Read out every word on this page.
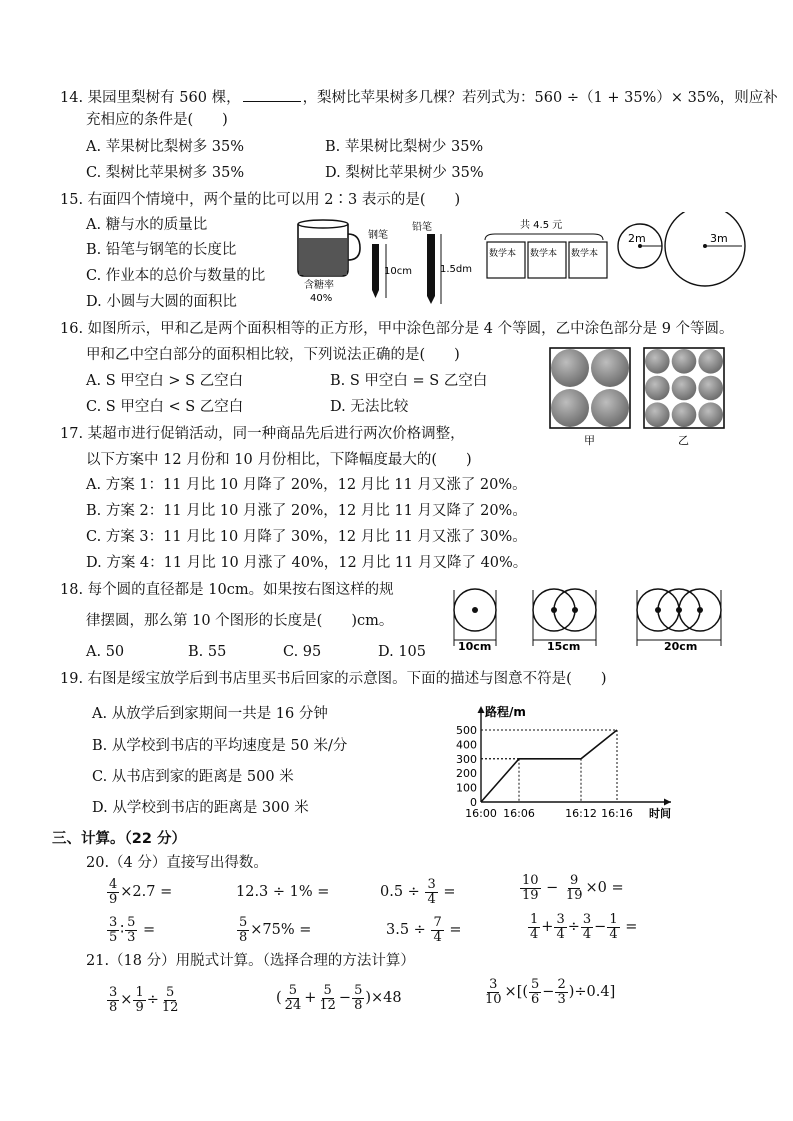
14. 果园里梨树有 560 棵，	，梨树比苹果树多几棵？若列式为：560 ÷（1 + 35%）× 35%，则应补
充相应的条件是(　　)
A. 苹果树比梨树多 35%	B. 苹果树比梨树少 35%
C. 梨树比苹果树多 35%	D. 梨树比苹果树少 35%
15. 右面四个情境中，两个量的比可以用 2∶3 表示的是(　　)
A. 糖与水的质量比
B. 铅笔与钢笔的长度比
C. 作业本的总价与数量的比
D. 小圆与大圆的面积比
含糖率
40%
钢笔
10cm
铅笔
1.5dm
共 4.5 元
数学本 数学本 数学本
2m	3m
16. 如图所示，甲和乙是两个面积相等的正方形，甲中涂色部分是 4 个等圆，乙中涂色部分是 9 个等圆。
甲和乙中空白部分的面积相比较，下列说法正确的是(　　)
A. S 甲空白 > S 乙空白	B. S 甲空白 = S 乙空白
C. S 甲空白 < S 乙空白	D. 无法比较
甲	乙
17. 某超市进行促销活动，同一种商品先后进行两次价格调整，
以下方案中 12 月份和 10 月份相比，下降幅度最大的(　　)
A. 方案 1：11 月比 10 月降了 20%，12 月比 11 月又涨了 20%。
B. 方案 2：11 月比 10 月涨了 20%，12 月比 11 月又降了 20%。
C. 方案 3：11 月比 10 月降了 30%，12 月比 11 月又涨了 30%。
D. 方案 4：11 月比 10 月涨了 40%，12 月比 11 月又降了 40%。
18. 每个圆的直径都是 10cm。如果按右图这样的规
律摆圆，那么第 10 个图形的长度是(　　)cm。
A. 50	B. 55	C. 95	D. 105	10cm	15cm	20cm
19. 右图是绥宝放学后到书店里买书后回家的示意图。下面的描述与图意不符是(　　)
A. 从放学后到家期间一共是 16 分钟
B. 从学校到书店的平均速度是 50 米/分
C. 从书店到家的距离是 500 米
D. 从学校到书店的距离是 300 米
路程/m
时间
0
100
200
300
400
500
16:00 16:06	16:12 16:16
三、计算。（22 分）
20.（4 分）直接写出得数。
$\frac{4}{9} \times 2.7$ =	12.3 ÷ 1% =	$0.5 \div \frac{3}{4}$ =	$\frac{10}{19} - \frac{9}{19} \times 0$ =
$\frac{3}{5}$ ∶ $\frac{5}{3}$ =	$\frac{5}{8} \times 75\%$ =	$3.5 \div \frac{7}{4}$ =	$\frac{1}{4} + \frac{3}{4} \div \frac{3}{4} - \frac{1}{4}$ =
21.（18 分）用脱式计算。（选择合理的方法计算）
$\frac{3}{8} \times \frac{1}{9} \div \frac{5}{12}$	( $\frac{5}{24} + \frac{5}{12} - \frac{5}{8} )\times 48$	$\frac{3}{10}$ ×[( $\frac{5}{6} - \frac{2}{3} )\div 0.4$]
